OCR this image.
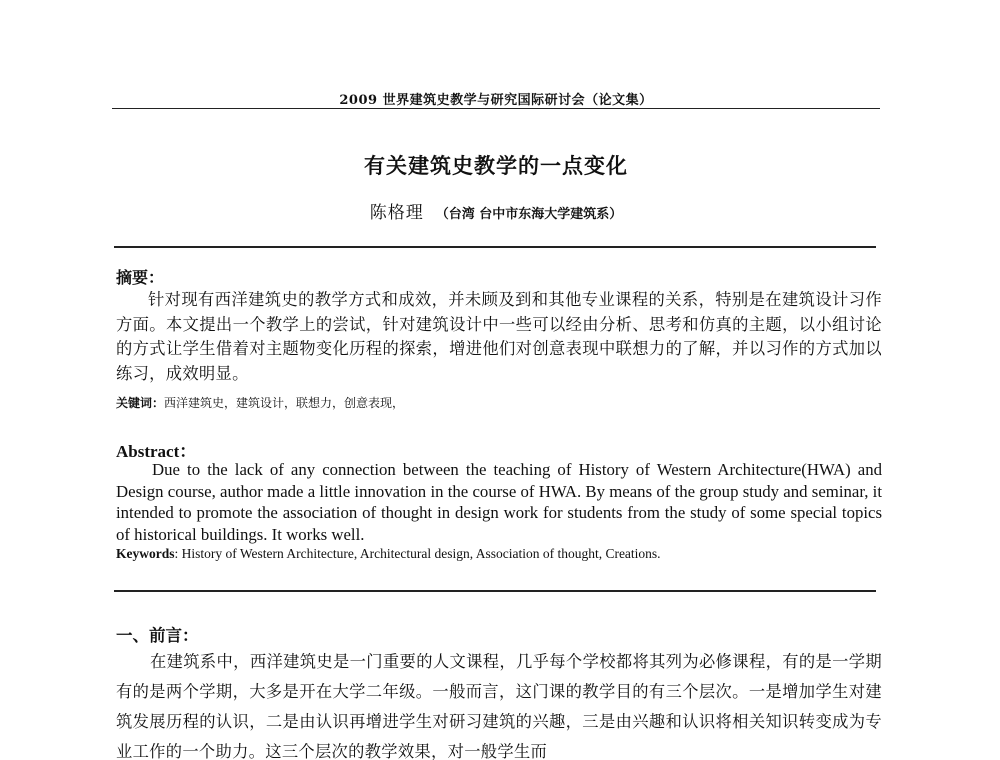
2009 世界建筑史教学与研究国际研讨会（论文集）
有关建筑史教学的一点变化
陈格理 （台湾 台中市东海大学建筑系）
摘要：
针对现有西洋建筑史的教学方式和成效，并未顾及到和其他专业课程的关系，特别是在建筑设计习作方面。本文提出一个教学上的尝试，针对建筑设计中一些可以经由分析、思考和仿真的主题，以小组讨论的方式让学生借着对主题物变化历程的探索，增进他们对创意表现中联想力的了解，并以习作的方式加以练习，成效明显。
关键词：西洋建筑史，建筑设计，联想力，创意表现，
Abstract：
Due to the lack of any connection between the teaching of History of Western Architecture(HWA) and Design course, author made a little innovation in the course of HWA. By means of the group study and seminar, it intended to promote the association of thought in design work for students from the study of some special topics of historical buildings. It works well.
Keywords: History of Western Architecture, Architectural design, Association of thought, Creations.
一、前言：
在建筑系中，西洋建筑史是一门重要的人文课程，几乎每个学校都将其列为必修课程，有的是一学期有的是两个学期，大多是开在大学二年级。一般而言，这门课的教学目的有三个层次。一是增加学生对建筑发展历程的认识，二是由认识再增进学生对研习建筑的兴趣，三是由兴趣和认识将相关知识转变成为专业工作的一个助力。这三个层次的教学效果，对一般学生而
